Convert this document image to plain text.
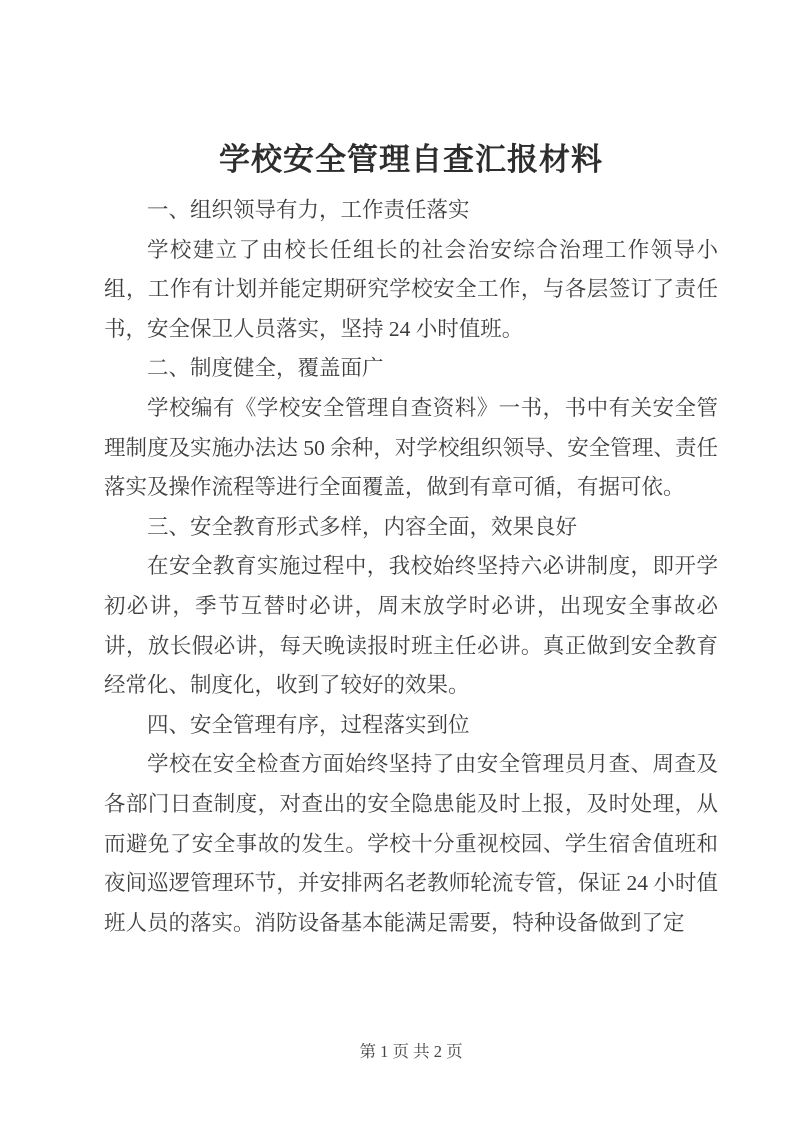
学校安全管理自查汇报材料

一、组织领导有力，工作责任落实

学校建立了由校长任组长的社会治安综合治理工作领导小组，工作有计划并能定期研究学校安全工作，与各层签订了责任书，安全保卫人员落实，坚持 24 小时值班。

二、制度健全，覆盖面广

学校编有《学校安全管理自查资料》一书，书中有关安全管理制度及实施办法达 50 余种，对学校组织领导、安全管理、责任落实及操作流程等进行全面覆盖，做到有章可循，有据可依。

三、安全教育形式多样，内容全面，效果良好

在安全教育实施过程中，我校始终坚持六必讲制度，即开学初必讲，季节互替时必讲，周末放学时必讲，出现安全事故必讲，放长假必讲，每天晚读报时班主任必讲。真正做到安全教育经常化、制度化，收到了较好的效果。

四、安全管理有序，过程落实到位

学校在安全检查方面始终坚持了由安全管理员月查、周查及各部门日查制度，对查出的安全隐患能及时上报，及时处理，从而避免了安全事故的发生。学校十分重视校园、学生宿舍值班和夜间巡逻管理环节，并安排两名老教师轮流专管，保证 24 小时值班人员的落实。消防设备基本能满足需要，特种设备做到了定

第 1 页 共 2 页
